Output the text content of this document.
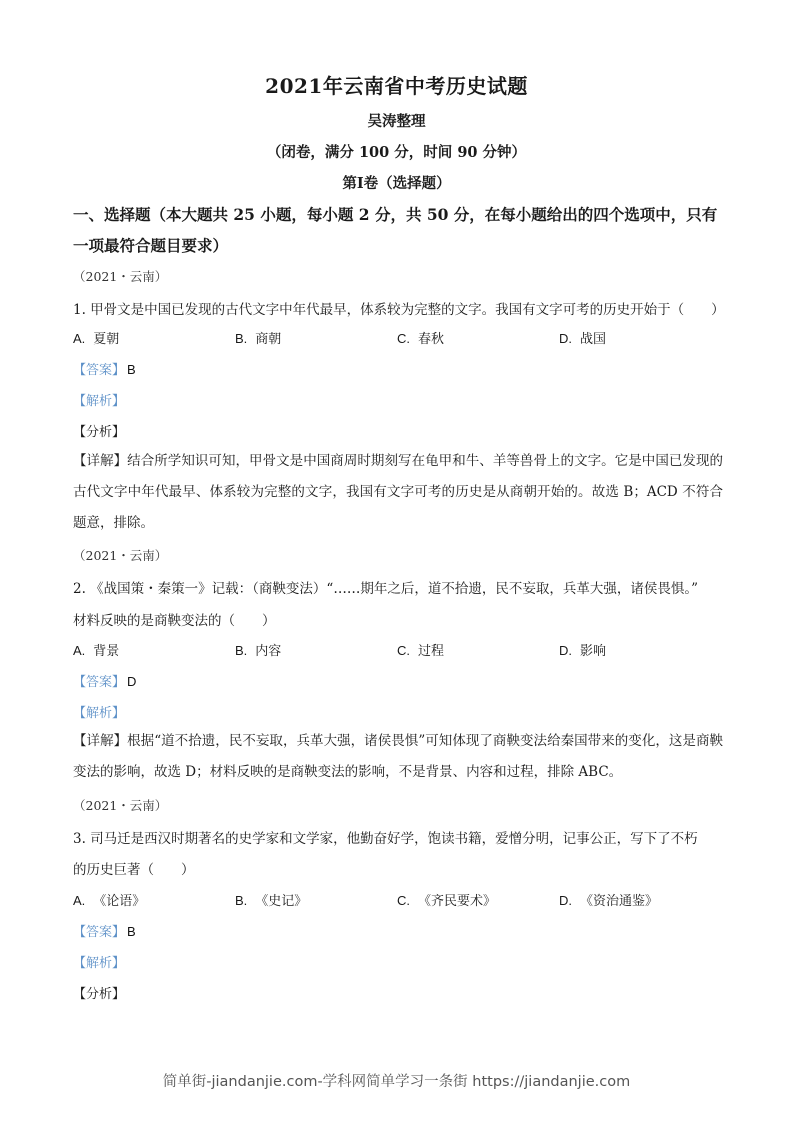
2021年云南省中考历史试题
吴涛整理
（闭卷，满分 100 分，时间 90 分钟）
第Ⅰ卷（选择题）
一、选择题（本大题共 25 小题，每小题 2 分，共 50 分，在每小题给出的四个选项中，只有
一项最符合题目要求）
（2021・云南）
1. 甲骨文是中国已发现的古代文字中年代最早，体系较为完整的文字。我国有文字可考的历史开始于（　　）
A. 夏朝	B. 商朝	C. 春秋	D. 战国
【答案】 B
【解析】
【分析】
【详解】结合所学知识可知，甲骨文是中国商周时期刻写在龟甲和牛、羊等兽骨上的文字。它是中国已发现的古代文字中年代最早、体系较为完整的文字，我国有文字可考的历史是从商朝开始的。故选 B；ACD 不符合题意，排除。
（2021・云南）
2. 《战国策・秦策一》记载：（商鞅变法）“……期年之后，道不拾遗，民不妄取，兵革大强，诸侯畏惧。”
材料反映的是商鞅变法的（　　）
A. 背景	B. 内容	C. 过程	D. 影响
【答案】 D
【解析】
【详解】根据“道不拾遗，民不妄取，兵革大强，诸侯畏惧”可知体现了商鞅变法给秦国带来的变化，这是商鞅变法的影响，故选 D；材料反映的是商鞅变法的影响，不是背景、内容和过程，排除 ABC。
（2021・云南）
3. 司马迁是西汉时期著名的史学家和文学家，他勤奋好学，饱读书籍，爱憎分明，记事公正，写下了不朽
的历史巨著（　　）
A. 《论语》	B. 《史记》	C. 《齐民要术》	D. 《资治通鉴》
【答案】 B
【解析】
【分析】
简单街-jiandanjie.com-学科网简单学习一条街 https://jiandanjie.com
